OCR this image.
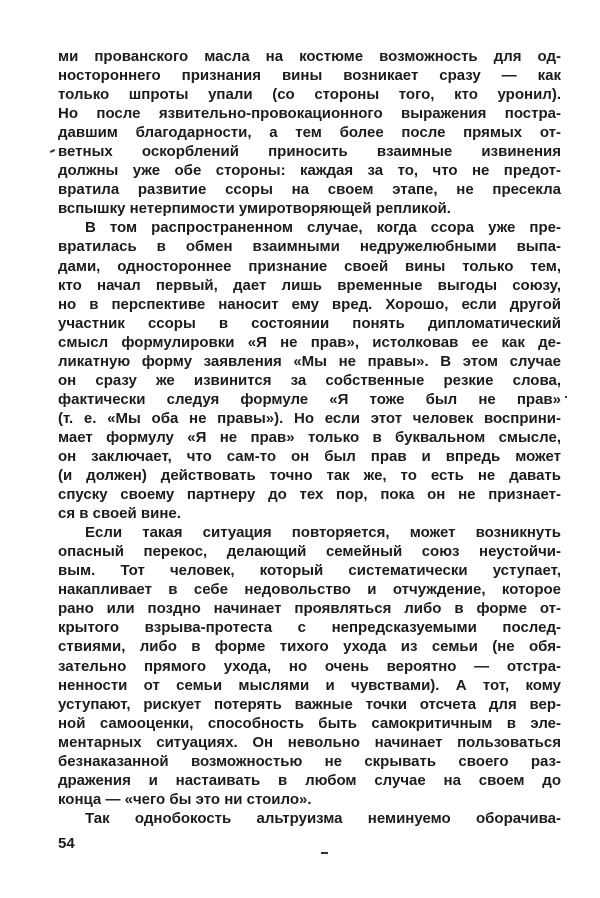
ми прованского масла на костюме возможность для од-
ностороннего признания вины возникает сразу — как
только шпроты упали (со стороны того, кто уронил).
Но после язвительно-провокационного выражения пострa-
давшим благодарности, а тем более после прямых от-
ветных оскорблений приносить взаимные извинения
должны уже обе стороны: каждая за то, что не предот-
вратила развитие ссоры на своем этапе, не пресекла
вспышку нетерпимости умиротворяющей репликой.
В том распространенном случае, когда ссора уже пре-
вратилась в обмен взаимными недружелюбными выпа-
дами, одностороннее признание своей вины только тем,
кто начал первый, дает лишь временные выгоды союзу,
но в перспективе наносит ему вред. Хорошо, если другой
участник ссоры в состоянии понять дипломатический
смысл формулировки «Я не прав», истолковав ее как де-
ликатную форму заявления «Мы не правы». В этом случае
он сразу же извинится за собственные резкие слова,
фактически следуя формуле «Я тоже был не прав»
(т. е. «Мы оба не правы»). Но если этот человек восприни-
мает формулу «Я не прав» только в буквальном смысле,
он заключает, что сам-то он был прав и впредь может
(и должен) действовать точно так же, то есть не давать
спуску своему партнеру до тех пор, пока он не признает-
ся в своей вине.
Если такая ситуация повторяется, может возникнуть
опасный перекос, делающий семейный союз неустойчи-
вым. Тот человек, который систематически уступает,
накапливает в себе недовольство и отчуждение, которое
рано или поздно начинает проявляться либо в форме от-
крытого взрыва-протеста с непредсказуемыми послед-
ствиями, либо в форме тихого ухода из семьи (не обя-
зательно прямого ухода, но очень вероятно — отстра-
ненности от семьи мыслями и чувствами). А тот, кому
уступают, рискует потерять важные точки отсчета для вер-
ной самооценки, способность быть самокритичным в эле-
ментарных ситуациях. Он невольно начинает пользоваться
безнаказанной возможностью не скрывать своего раз-
дражения и настаивать в любом случае на своем до
конца — «чего бы это ни стоило».
Так однобокость альтруизма неминуемо оборачива-
54
